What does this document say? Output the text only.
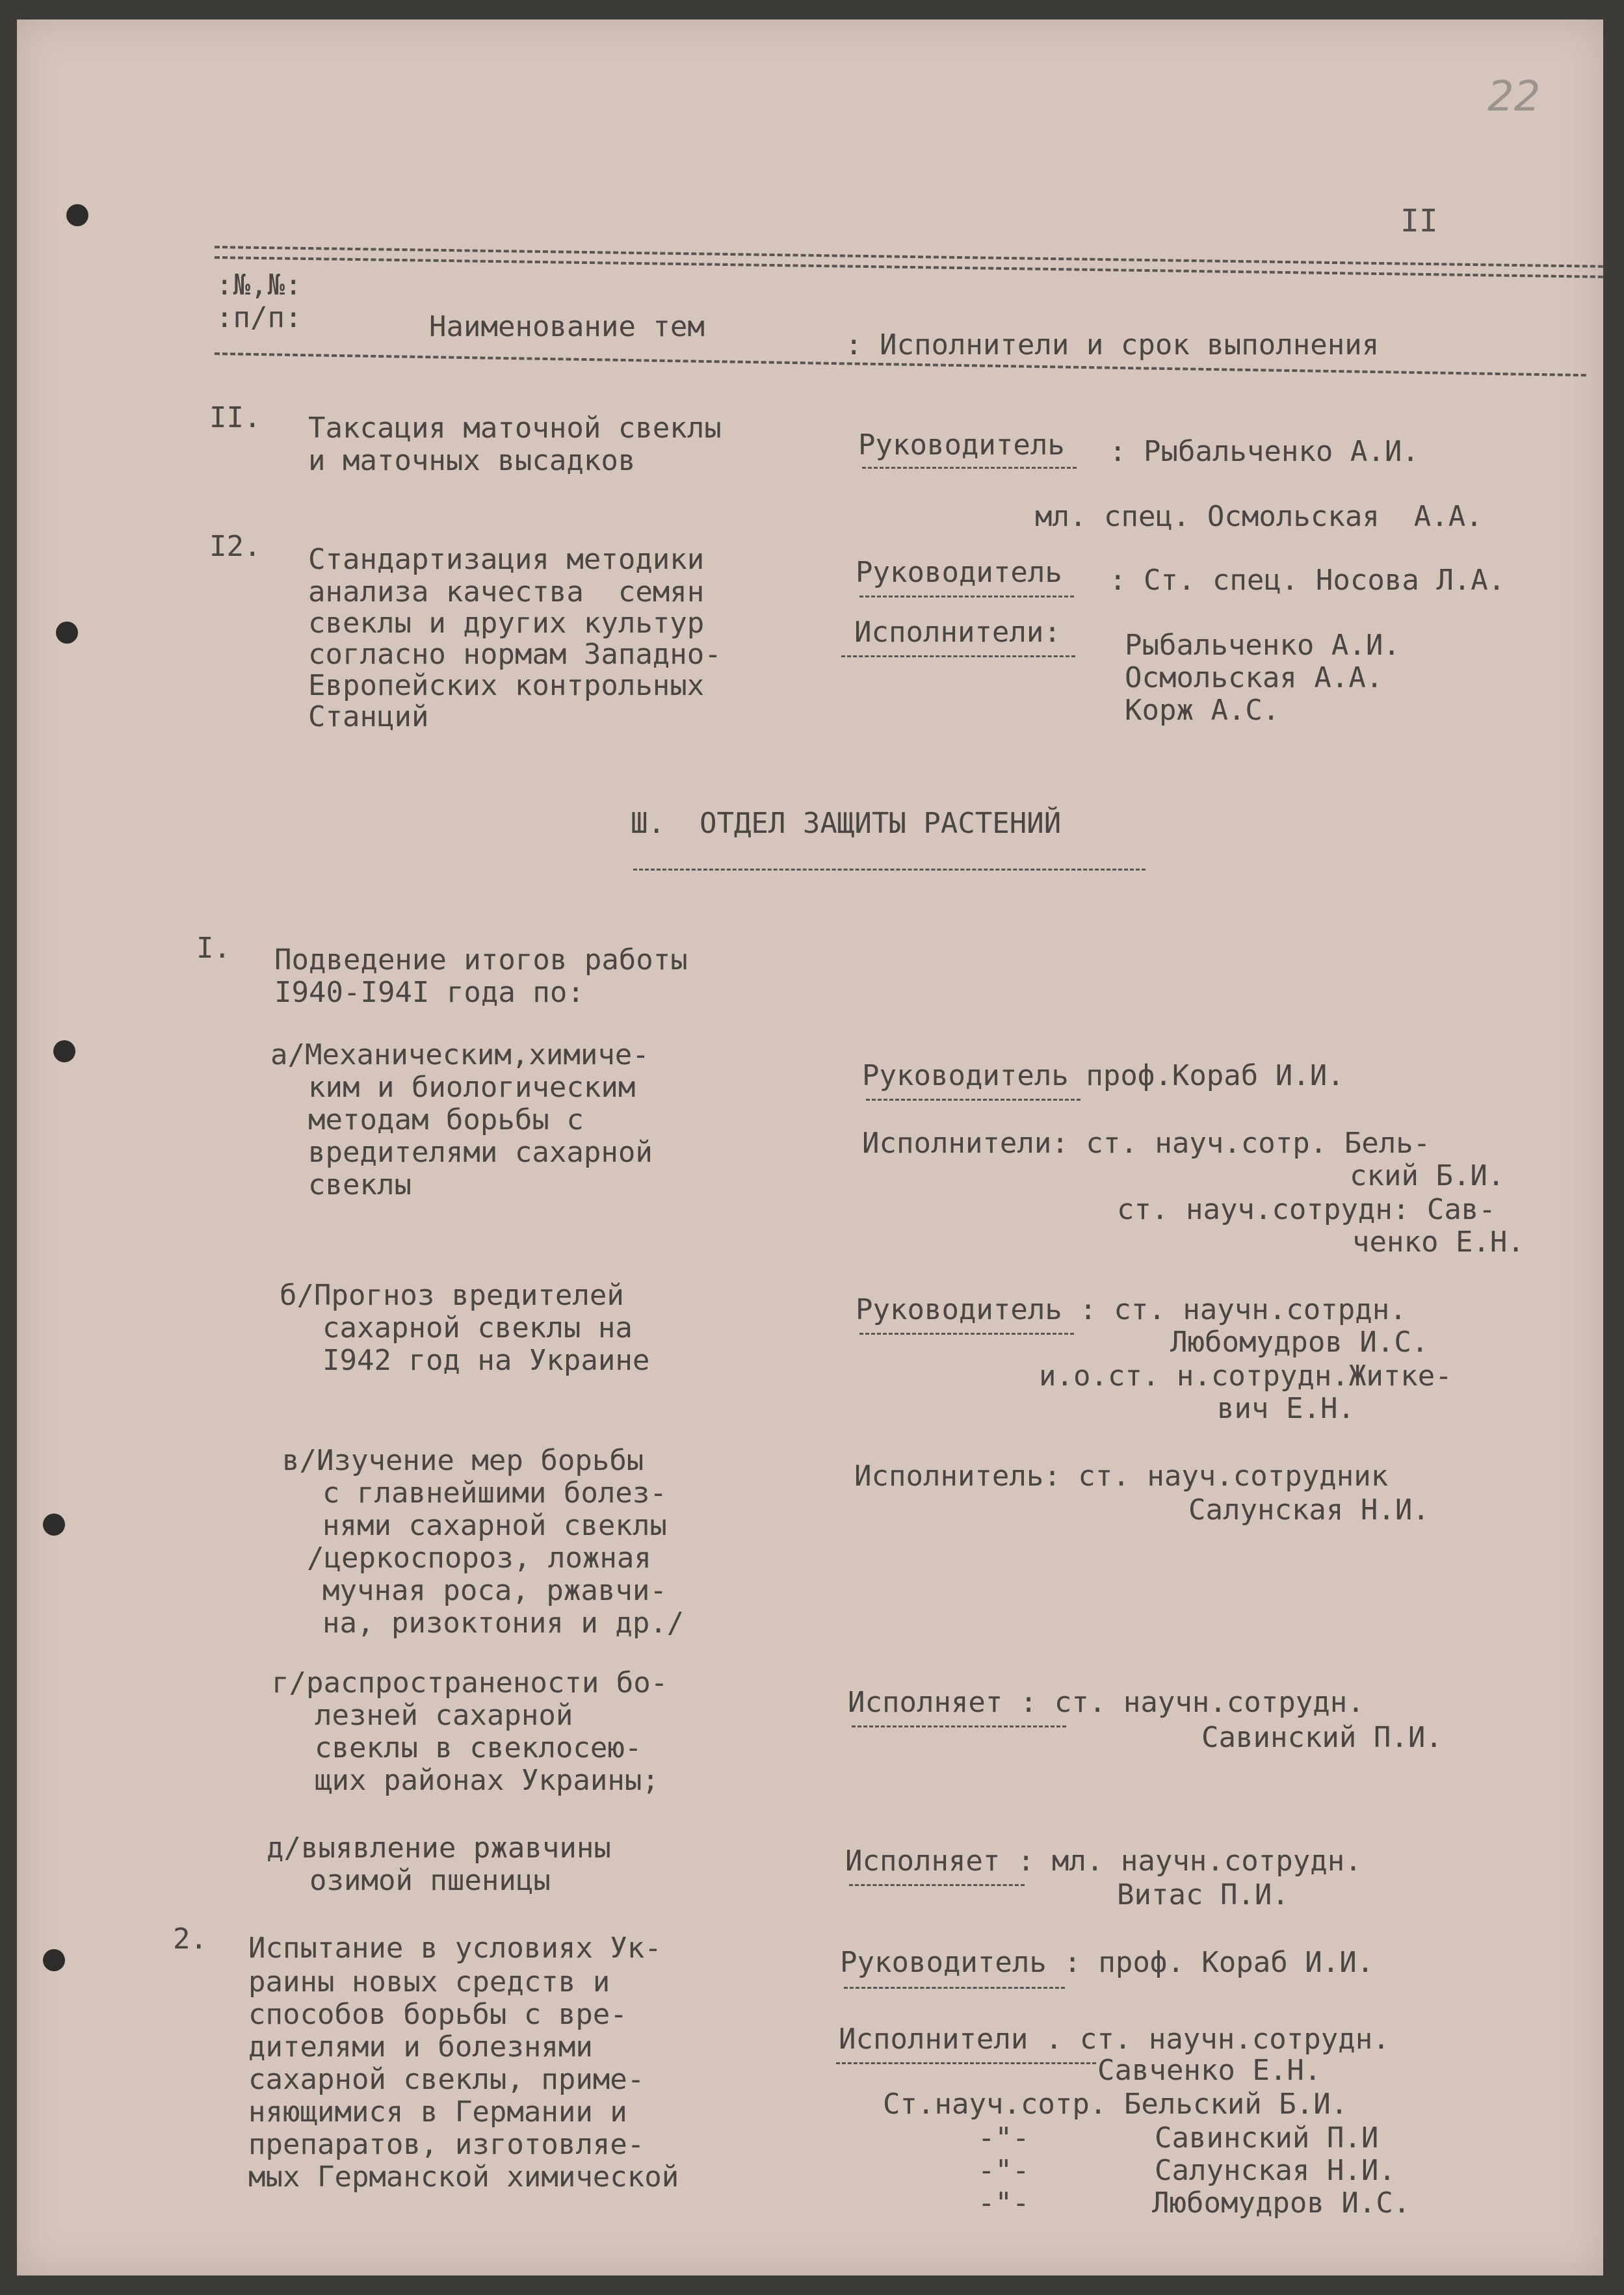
22
II
:№,№:
:п/п:	Наименование тем
: Исполнители и срок выполнения
II. Таксация маточной свеклы
и маточных высадков	Руководитель : Рыбальченко А.И.
мл. спец. Осмольская  А.А.
I2. Стандартизация методики
анализа качества  семян
свеклы и других культур
согласно нормам Западно-
Европейских контрольных
Станций
Руководитель : Ст. спец. Носова Л.А.
Исполнители: Рыбальченко А.И.
Осмольская А.А.
Корж А.С.
Ш.  ОТДЕЛ ЗАЩИТЫ РАСТЕНИЙ
I. Подведение итогов работы
I940-I94I года по:
а/Механическим,химиче-
ким и биологическим
методам борьбы с
вредителями сахарной
свеклы
Руководитель проф.Кораб И.И.
Исполнители: ст. науч.сотр. Бель-
ский Б.И.
ст. науч.сотрудн: Сав-
ченко Е.Н.
б/Прогноз вредителей
сахарной свеклы на
I942 год на Украине
Руководитель : ст. научн.сотрдн.
Любомудров И.С.
и.о.ст. н.сотрудн.Житке-
вич Е.Н.
в/Изучение мер борьбы
с главнейшими болез-
нями сахарной свеклы
/церкоспороз, ложная
мучная роса, ржавчи-
на, ризоктония и др./
Исполнитель: ст. науч.сотрудник
Салунская Н.И.
г/распространености бо-
лезней сахарной
свеклы в свеклосею-
щих районах Украины;
Исполняет : ст. научн.сотрудн.
Савинский П.И.
д/выявление ржавчины
озимой пшеницы
Исполняет : мл. научн.сотрудн.
Витас П.И.
2. Испытание в условиях Ук-
раины новых средств и
способов борьбы с вре-
дителями и болезнями
сахарной свеклы, приме-
няющимися в Германии и
препаратов, изготовляе-
мых Германской химической
Руководитель : проф. Кораб И.И.
Исполнители . ст. научн.сотрудн.
Савченко Е.Н.
Ст.науч.сотр. Бельский Б.И.
-"-	Савинский П.И
-"-	Салунская Н.И.
-"-	Любомудров И.С.
